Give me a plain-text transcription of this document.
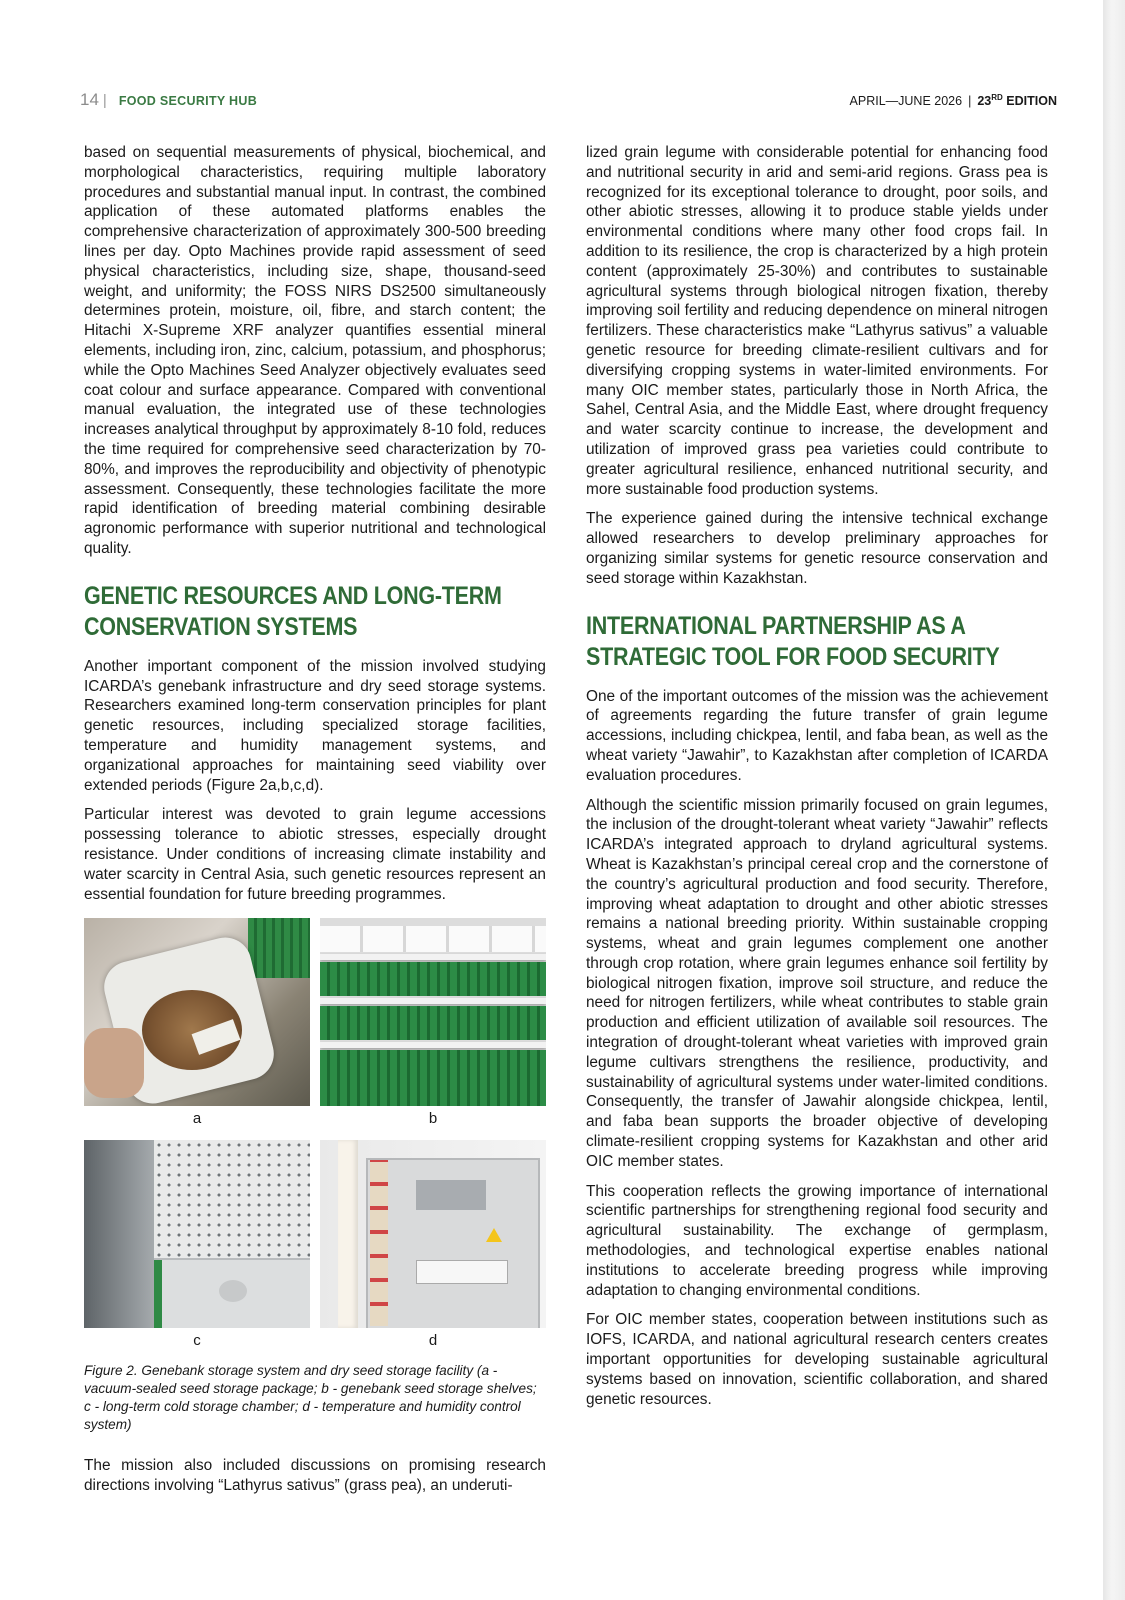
14 | FOOD SECURITY HUB	APRIL—JUNE 2026 | 23RD EDITION

based on sequential measurements of physical, biochemical, and morphological characteristics, requiring multiple laboratory procedures and substantial manual input. In contrast, the combined application of these automated platforms enables the comprehensive characterization of approximately 300-500 breeding lines per day. Opto Machines provide rapid assessment of seed physical characteristics, including size, shape, thousand-seed weight, and uniformity; the FOSS NIRS DS2500 simultaneously determines protein, moisture, oil, fibre, and starch content; the Hitachi X-Supreme XRF analyzer quantifies essential mineral elements, including iron, zinc, calcium, potassium, and phosphorus; while the Opto Machines Seed Analyzer objectively evaluates seed coat colour and surface appearance. Compared with conventional manual evaluation, the integrated use of these technologies increases analytical throughput by approximately 8-10 fold, reduces the time required for comprehensive seed characterization by 70-80%, and improves the reproducibility and objectivity of phenotypic assessment. Consequently, these technologies facilitate the more rapid identification of breeding material combining desirable agronomic performance with superior nutritional and technological quality.

GENETIC RESOURCES AND LONG-TERM CONSERVATION SYSTEMS

Another important component of the mission involved studying ICARDA’s genebank infrastructure and dry seed storage systems. Researchers examined long-term conservation principles for plant genetic resources, including specialized storage facilities, temperature and humidity management systems, and organizational approaches for maintaining seed viability over extended periods (Figure 2a,b,c,d).

Particular interest was devoted to grain legume accessions possessing tolerance to abiotic stresses, especially drought resistance. Under conditions of increasing climate instability and water scarcity in Central Asia, such genetic resources represent an essential foundation for future breeding programmes.

a	b
c	d

Figure 2. Genebank storage system and dry seed storage facility (a - vacuum-sealed seed storage package; b - genebank seed storage shelves; c - long-term cold storage chamber; d - temperature and humidity control system)

The mission also included discussions on promising research directions involving “Lathyrus sativus” (grass pea), an underuti-

lized grain legume with considerable potential for enhancing food and nutritional security in arid and semi-arid regions. Grass pea is recognized for its exceptional tolerance to drought, poor soils, and other abiotic stresses, allowing it to produce stable yields under environmental conditions where many other food crops fail. In addition to its resilience, the crop is characterized by a high protein content (approximately 25-30%) and contributes to sustainable agricultural systems through biological nitrogen fixation, thereby improving soil fertility and reducing dependence on mineral nitrogen fertilizers. These characteristics make “Lathyrus sativus” a valuable genetic resource for breeding climate-resilient cultivars and for diversifying cropping systems in water-limited environments. For many OIC member states, particularly those in North Africa, the Sahel, Central Asia, and the Middle East, where drought frequency and water scarcity continue to increase, the development and utilization of improved grass pea varieties could contribute to greater agricultural resilience, enhanced nutritional security, and more sustainable food production systems.

The experience gained during the intensive technical exchange allowed researchers to develop preliminary approaches for organizing similar systems for genetic resource conservation and seed storage within Kazakhstan.

INTERNATIONAL PARTNERSHIP AS A STRATEGIC TOOL FOR FOOD SECURITY

One of the important outcomes of the mission was the achievement of agreements regarding the future transfer of grain legume accessions, including chickpea, lentil, and faba bean, as well as the wheat variety “Jawahir”, to Kazakhstan after completion of ICARDA evaluation procedures.

Although the scientific mission primarily focused on grain legumes, the inclusion of the drought-tolerant wheat variety “Jawahir” reflects ICARDA’s integrated approach to dryland agricultural systems. Wheat is Kazakhstan’s principal cereal crop and the cornerstone of the country’s agricultural production and food security. Therefore, improving wheat adaptation to drought and other abiotic stresses remains a national breeding priority. Within sustainable cropping systems, wheat and grain legumes complement one another through crop rotation, where grain legumes enhance soil fertility by biological nitrogen fixation, improve soil structure, and reduce the need for nitrogen fertilizers, while wheat contributes to stable grain production and efficient utilization of available soil resources. The integration of drought-tolerant wheat varieties with improved grain legume cultivars strengthens the resilience, productivity, and sustainability of agricultural systems under water-limited conditions. Consequently, the transfer of Jawahir alongside chickpea, lentil, and faba bean supports the broader objective of developing climate-resilient cropping systems for Kazakhstan and other arid OIC member states.

This cooperation reflects the growing importance of international scientific partnerships for strengthening regional food security and agricultural sustainability. The exchange of germplasm, methodologies, and technological expertise enables national institutions to accelerate breeding progress while improving adaptation to changing environmental conditions.

For OIC member states, cooperation between institutions such as IOFS, ICARDA, and national agricultural research centers creates important opportunities for developing sustainable agricultural systems based on innovation, scientific collaboration, and shared genetic resources.
